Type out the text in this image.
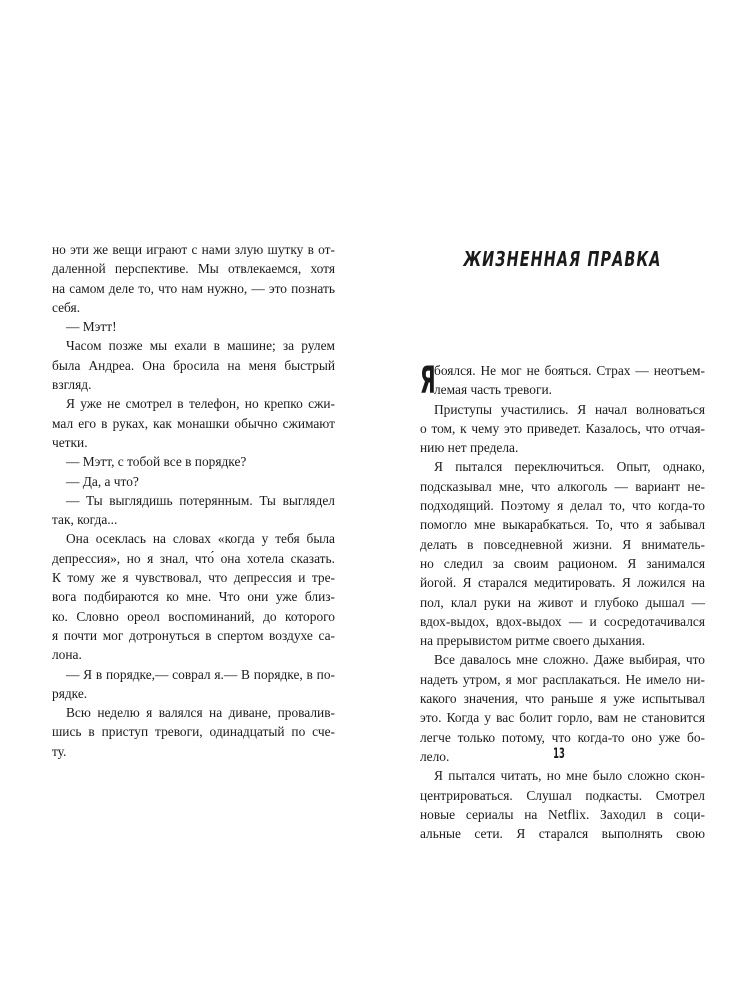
но эти же вещи играют с нами злую шутку в от-
даленной перспективе. Мы отвлекаемся, хотя
на самом деле то, что нам нужно, — это познать
себя.

— Мэтт!

Часом позже мы ехали в машине; за рулем
была Андреа. Она бросила на меня быстрый
взгляд.

Я уже не смотрел в телефон, но крепко сжи-
мал его в руках, как монашки обычно сжимают
четки.

— Мэтт, с тобой все в порядке?

— Да, а что?

— Ты выглядишь потерянным. Ты выглядел
так, когда...

Она осеклась на словах «когда у тебя была
депрессия», но я знал, что́ она хотела сказать.
К тому же я чувствовал, что депрессия и тре-
вога подбираются ко мне. Что они уже близ-
ко. Словно ореол воспоминаний, до которого
я почти мог дотронуться в спертом воздухе са-
лона.

— Я в порядке,— соврал я.— В порядке, в по-
рядке.

Всю неделю я валялся на диване, провалив-
шись в приступ тревоги, одинадцатый по сче-
ту.

ЖИЗНЕННАЯ ПРАВКА

Я
боялся. Не мог не бояться. Страх — неотъем-
лемая часть тревоги.

Приступы участились. Я начал волноваться
о том, к чему это приведет. Казалось, что отчая-
нию нет предела.

Я пытался переключиться. Опыт, однако,
подсказывал мне, что алкоголь — вариант не-
подходящий. Поэтому я делал то, что когда-то
помогло мне выкарабкаться. То, что я забывал
делать в повседневной жизни. Я вниматель-
но следил за своим рационом. Я занимался
йогой. Я старался медитировать. Я ложился на
пол, клал руки на живот и глубоко дышал —
вдох-выдох, вдох-выдох — и сосредотачивался
на прерывистом ритме своего дыхания.

Все давалось мне сложно. Даже выбирая, что
надеть утром, я мог расплакаться. Не имело ни-
какого значения, что раньше я уже испытывал
это. Когда у вас болит горло, вам не становится
легче только потому, что когда-то оно уже бо-
лело.

Я пытался читать, но мне было сложно скон-
центрироваться. Слушал подкасты. Смотрел
новые сериалы на Netflix. Заходил в соци-
альные сети. Я старался выполнять свою

13
